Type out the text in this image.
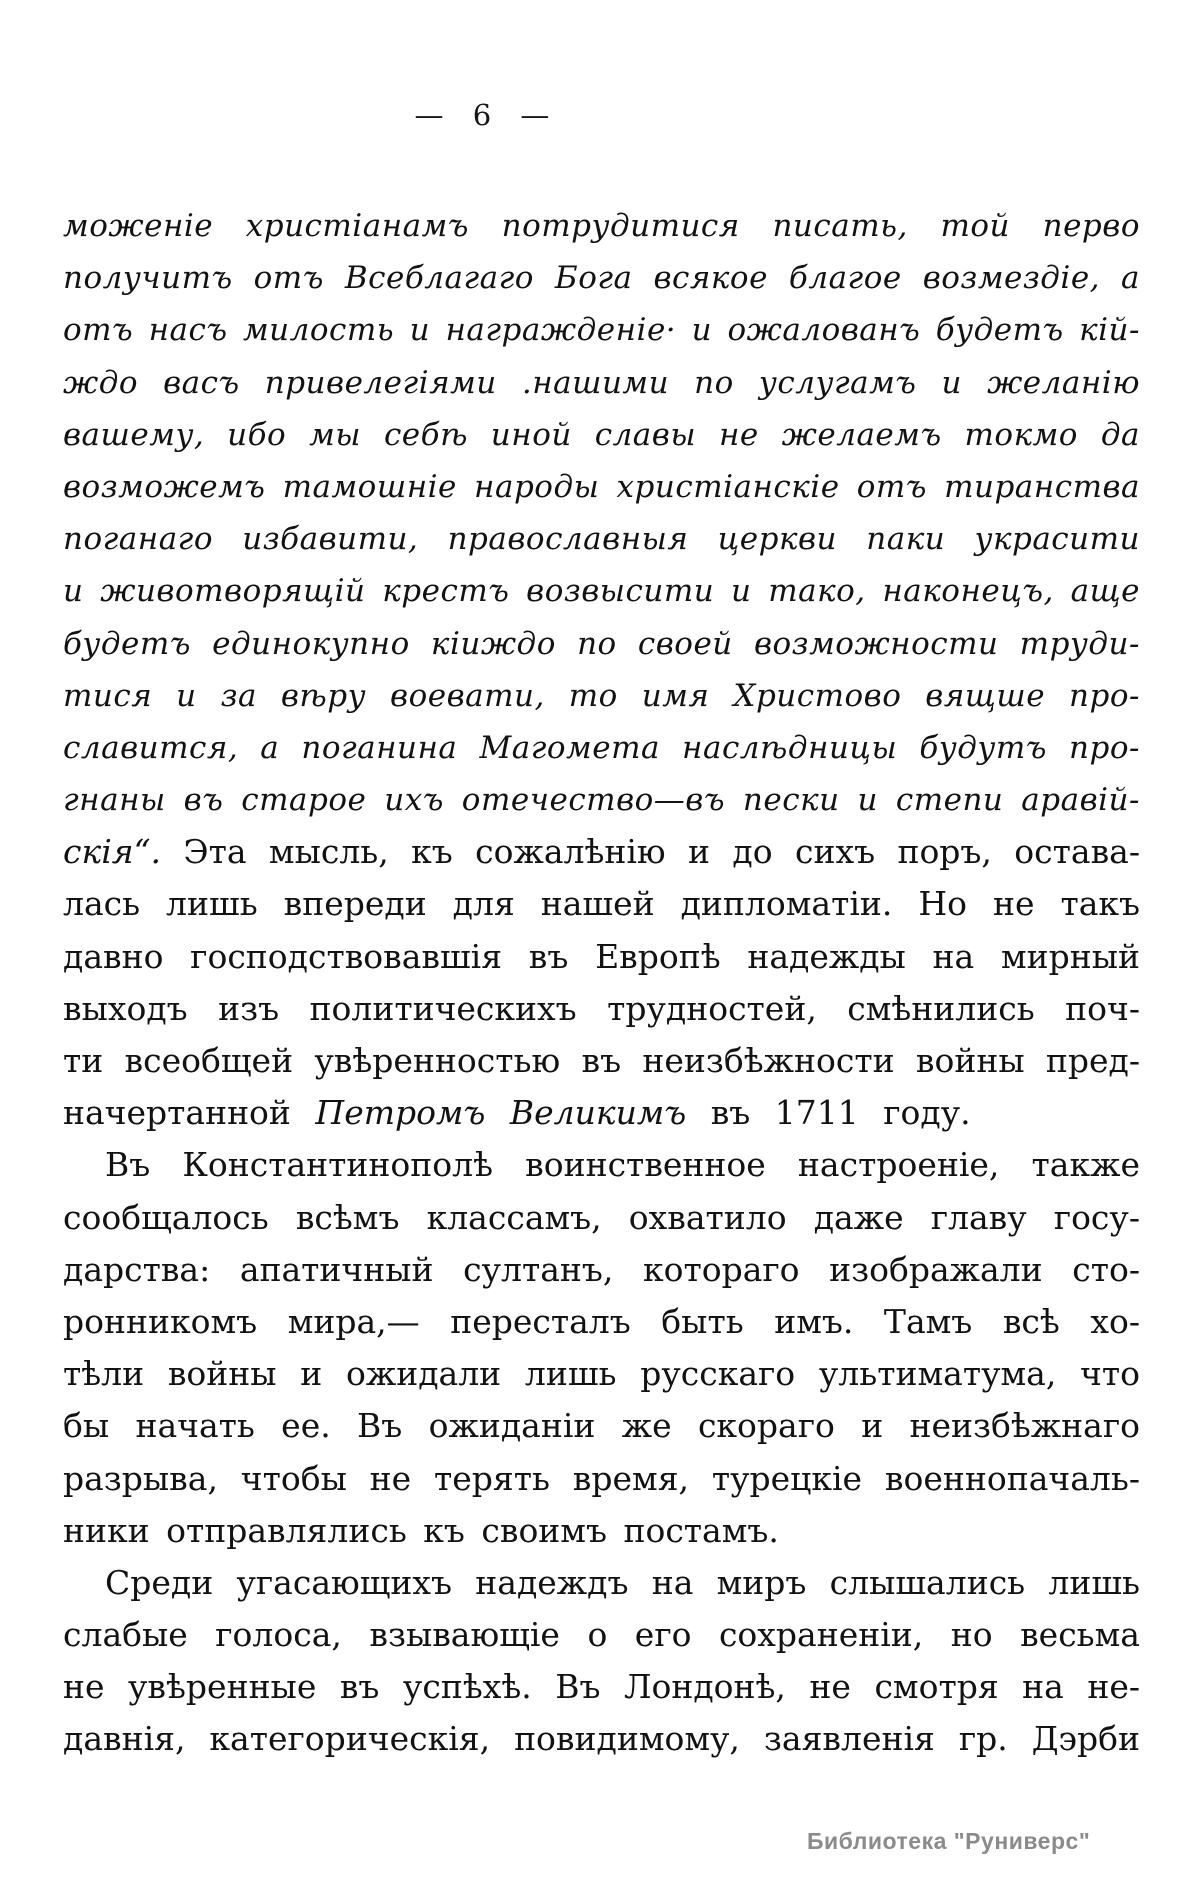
— 6 —
моженіе христіанамъ потрудитися писать, той перво
получитъ отъ Всеблагаго Бога всякое благое возмездіе, а
отъ насъ милость и награжденіе· и ожалованъ будетъ кій-
ждо васъ привелегіями .нашими по услугамъ и желанію
вашему, ибо мы себѣ иной славы не желаемъ токмо да
возможемъ тамошніе народы христіанскіе отъ тиранства
поганаго избавити, православныя церкви паки украсити
и животворящій крестъ возвысити и тако, наконецъ, аще
будетъ единокупно кіиждо по своей возможности труди-
тися и за вѣру воевати, то имя Христово вящше про-
славится, а поганина Магомета наслѣдницы будутъ про-
гнаны въ старое ихъ отечество—въ пески и степи аравій-
скія“. Эта мысль, къ сожалѣнію и до сихъ поръ, остава-
лась лишь впереди для нашей дипломатіи. Но не такъ
давно господствовавшія въ Европѣ надежды на мирный
выходъ изъ политическихъ трудностей, смѣнились поч-
ти всеобщей увѣренностью въ неизбѣжности войны пред-
начертанной Петромъ Великимъ въ 1711 году.
Въ Константинополѣ воинственное настроеніе, также
сообщалось всѣмъ классамъ, охватило даже главу госу-
дарства: апатичный султанъ, котораго изображали сто-
ронникомъ мира,— пересталъ быть имъ. Тамъ всѣ хо-
тѣли войны и ожидали лишь русскаго ультиматума, что
бы начать ее. Въ ожиданіи же скораго и неизбѣжнаго
разрыва, чтобы не терять время, турецкіе военнопачаль-
ники отправлялись къ своимъ постамъ.
Среди угасающихъ надеждъ на миръ слышались лишь
слабые голоса, взывающіе о его сохраненіи, но весьма
не увѣренные въ успѣхѣ. Въ Лондонѣ, не смотря на не-
давнія, категорическія, повидимому, заявленія гр. Дэрби
Библиотека "Руниверс"
